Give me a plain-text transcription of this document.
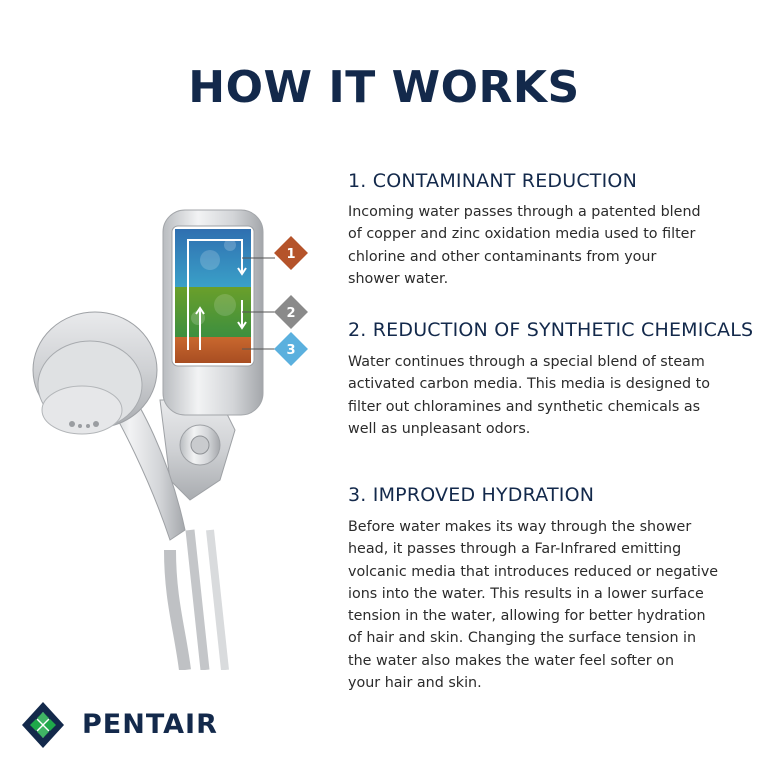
HOW IT WORKS
1
2
3
1. CONTAMINANT REDUCTION

Incoming water passes through a patented blend
of copper and zinc oxidation media used to filter
chlorine and other contaminants from your
shower water.

2. REDUCTION OF SYNTHETIC CHEMICALS

Water continues through a special blend of steam
activated carbon media. This media is designed to
filter out chloramines and synthetic chemicals as
well as unpleasant odors.

3. IMPROVED HYDRATION

Before water makes its way through the shower
head, it passes through a Far-Infrared emitting
volcanic media that introduces reduced or negative
ions into the water. This results in a lower surface
tension in the water, allowing for better hydration
of hair and skin. Changing the surface tension in
the water also makes the water feel softer on
your hair and skin.

PENTAIR
